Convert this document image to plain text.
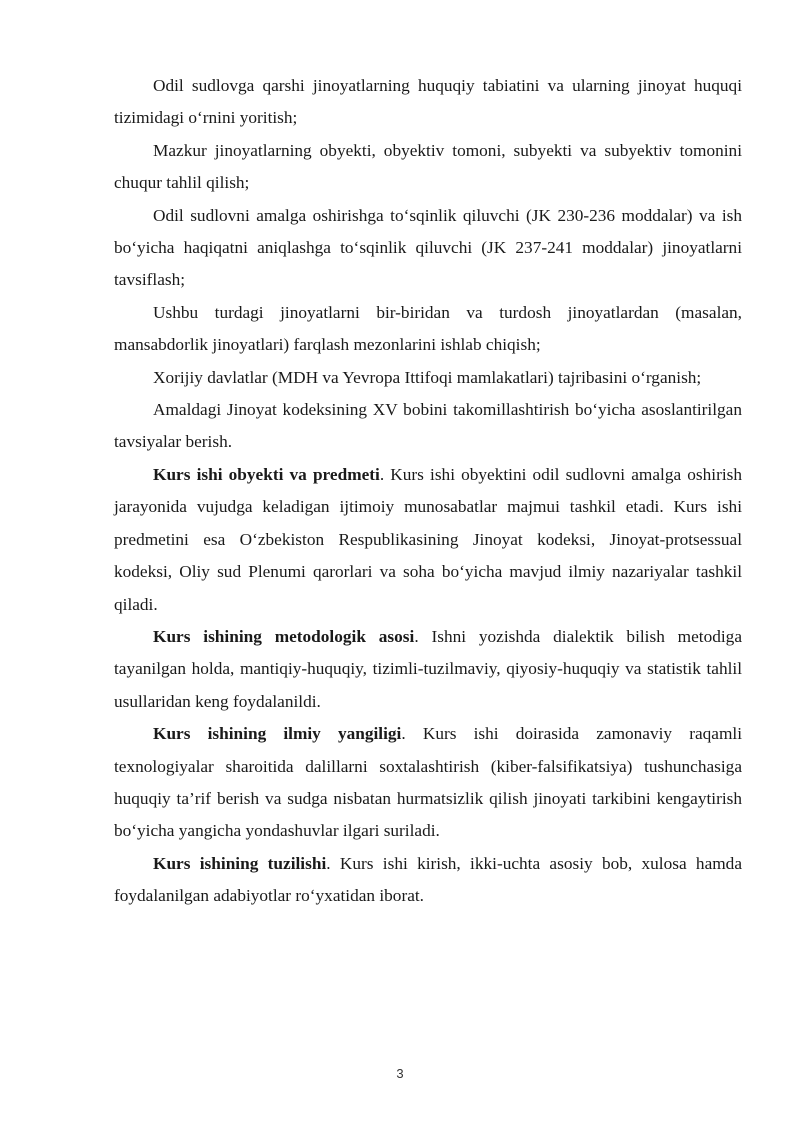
Odil sudlovga qarshi jinoyatlarning huquqiy tabiatini va ularning jinoyat huquqi tizimidagi o‘rnini yoritish;

Mazkur jinoyatlarning obyekti, obyektiv tomoni, subyekti va subyektiv tomonini chuqur tahlil qilish;

Odil sudlovni amalga oshirishga to‘sqinlik qiluvchi (JK 230-236 moddalar) va ish bo‘yicha haqiqatni aniqlashga to‘sqinlik qiluvchi (JK 237-241 moddalar) jinoyatlarni tavsiflash;

Ushbu turdagi jinoyatlarni bir-biridan va turdosh jinoyatlardan (masalan, mansabdorlik jinoyatlari) farqlash mezonlarini ishlab chiqish;

Xorijiy davlatlar (MDH va Yevropa Ittifoqi mamlakatlari) tajribasini o‘rganish;

Amaldagi Jinoyat kodeksining XV bobini takomillashtirish bo‘yicha asoslantirilgan tavsiyalar berish.

Kurs ishi obyekti va predmeti. Kurs ishi obyektini odil sudlovni amalga oshirish jarayonida vujudga keladigan ijtimoiy munosabatlar majmui tashkil etadi. Kurs ishi predmetini esa O‘zbekiston Respublikasining Jinoyat kodeksi, Jinoyat-protsessual kodeksi, Oliy sud Plenumi qarorlari va soha bo‘yicha mavjud ilmiy nazariyalar tashkil qiladi.

Kurs ishining metodologik asosi. Ishni yozishda dialektik bilish metodiga tayanilgan holda, mantiqiy-huquqiy, tizimli-tuzilmaviy, qiyosiy-huquqiy va statistik tahlil usullaridan keng foydalanildi.

Kurs ishining ilmiy yangiligi. Kurs ishi doirasida zamonaviy raqamli texnologiyalar sharoitida dalillarni soxtalashtirish (kiber-falsifikatsiya) tushunchasiga huquqiy ta’rif berish va sudga nisbatan hurmatsizlik qilish jinoyati tarkibini kengaytirish bo‘yicha yangicha yondashuvlar ilgari suriladi.

Kurs ishining tuzilishi. Kurs ishi kirish, ikki-uchta asosiy bob, xulosa hamda foydalanilgan adabiyotlar ro‘yxatidan iborat.

3
